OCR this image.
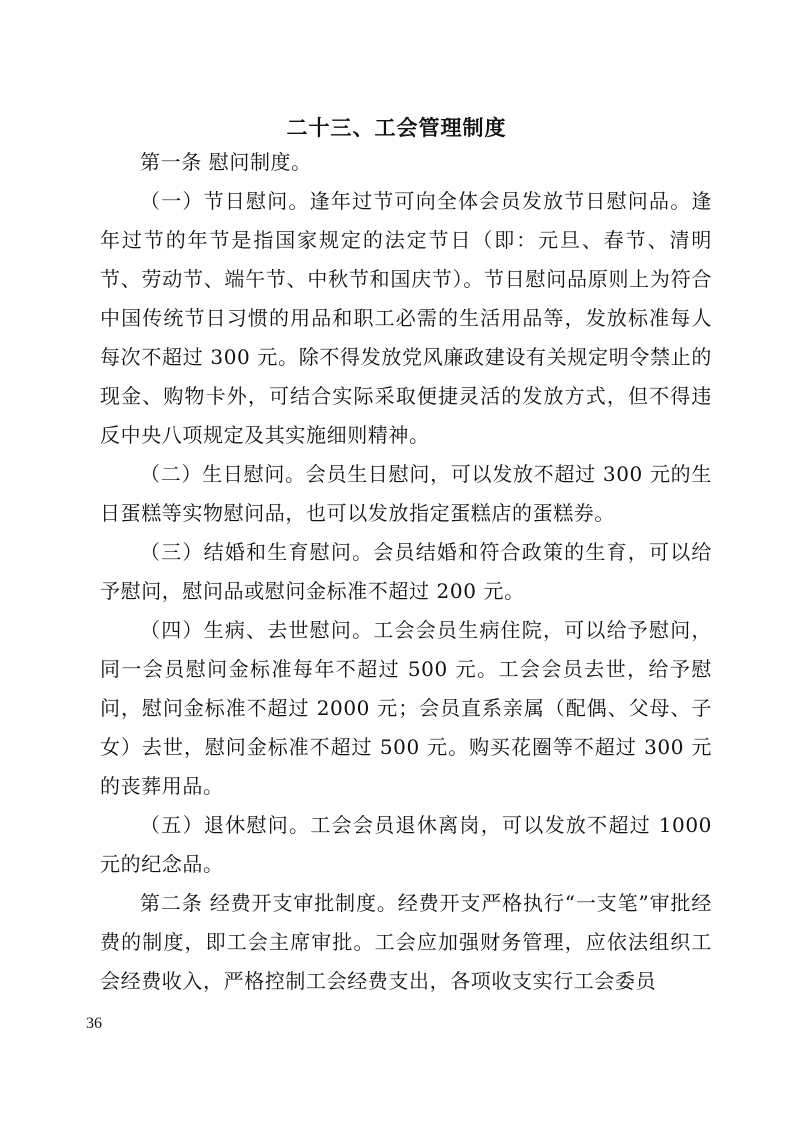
二十三、工会管理制度

第一条 慰问制度。

（一）节日慰问。逢年过节可向全体会员发放节日慰问品。逢年过节的年节是指国家规定的法定节日（即：元旦、春节、清明节、劳动节、端午节、中秋节和国庆节）。节日慰问品原则上为符合中国传统节日习惯的用品和职工必需的生活用品等，发放标准每人每次不超过 300 元。除不得发放党风廉政建设有关规定明令禁止的现金、购物卡外，可结合实际采取便捷灵活的发放方式，但不得违反中央八项规定及其实施细则精神。

（二）生日慰问。会员生日慰问，可以发放不超过 300 元的生日蛋糕等实物慰问品，也可以发放指定蛋糕店的蛋糕券。

（三）结婚和生育慰问。会员结婚和符合政策的生育，可以给予慰问，慰问品或慰问金标准不超过 200 元。

（四）生病、去世慰问。工会会员生病住院，可以给予慰问，同一会员慰问金标准每年不超过 500 元。工会会员去世，给予慰问，慰问金标准不超过 2000 元；会员直系亲属（配偶、父母、子女）去世，慰问金标准不超过 500 元。购买花圈等不超过 300 元的丧葬用品。

（五）退休慰问。工会会员退休离岗，可以发放不超过 1000 元的纪念品。

第二条 经费开支审批制度。经费开支严格执行“一支笔”审批经费的制度，即工会主席审批。工会应加强财务管理，应依法组织工会经费收入，严格控制工会经费支出，各项收支实行工会委员

36
